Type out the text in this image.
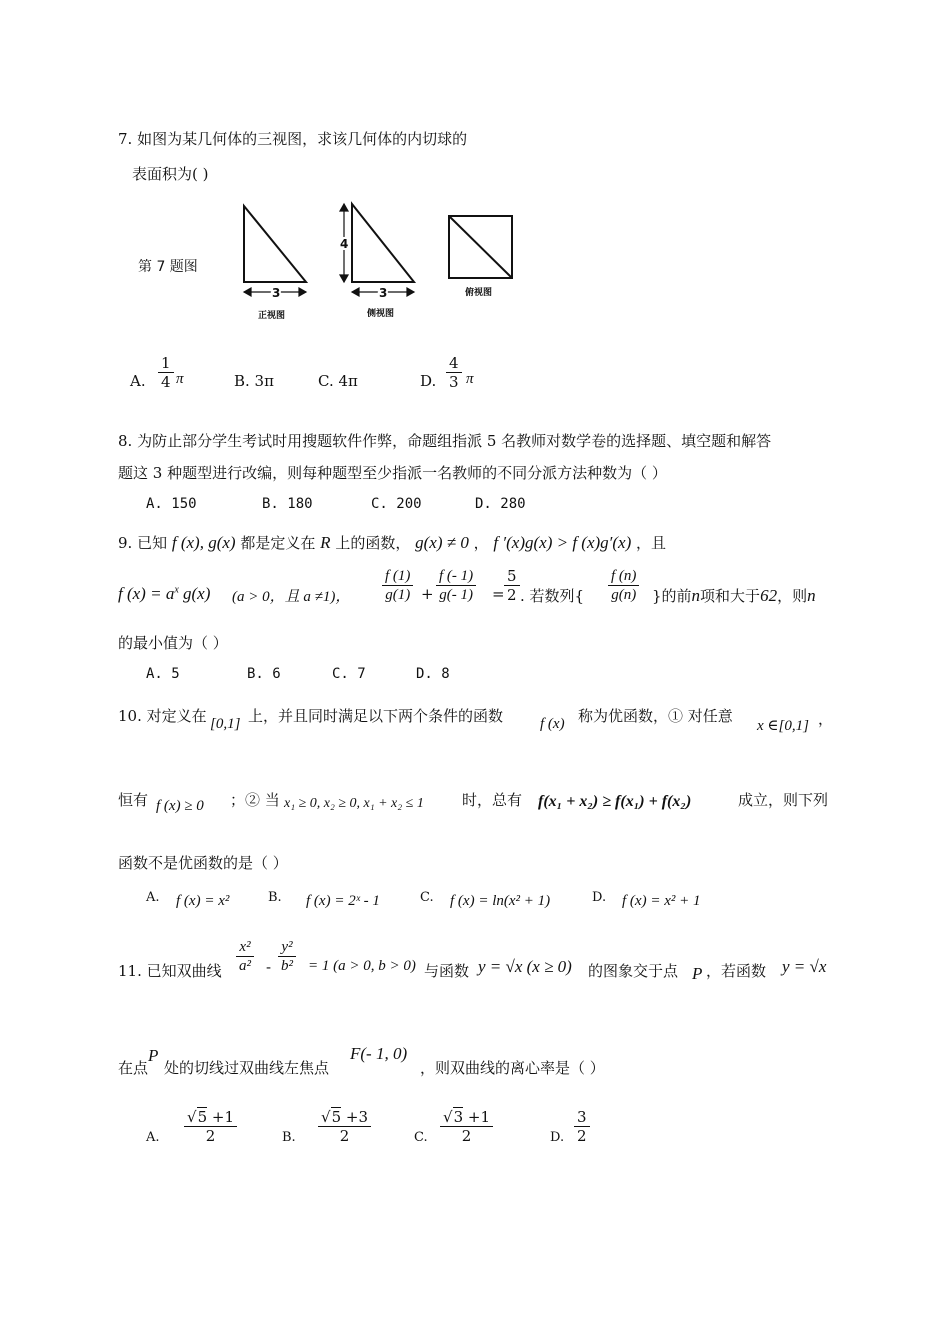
7. 如图为某几何体的三视图，求该几何体的内切球的
表面积为( )
第 7 题图
3
正视图
4
3
侧视图
俯视图
A. $\frac{1}{4}$ π	B. 3π	C. 4π	D. $\frac{4}{3}$ π
8. 为防止部分学生考试时用搜题软件作弊，命题组指派 5 名教师对数学卷的选择题、填空题和解答
题这 3 种题型进行改编，则每种题型至少指派一名教师的不同分派方法种数为（ ）
A. 150	B. 180	C. 200	D. 280
9. 已知 f (x), g(x) 都是定义在 R 上的函数， g(x) ≠ 0 ， f ′(x)g(x) > f (x)g′(x) ，且
f $(x) = a^x$ g(x) (a > 0，且 a ≠1)， $\frac{f (1)}{g(1)} + \frac{f (- 1)}{g(- 1)} = \frac{5}{2}$ . 若数列{ $\frac{f (n)}{g(n)}$ }的前n项和大于62，则n
的最小值为（ ）
A. 5	B. 6	C. 7	D. 8
10. 对定义在 [0,1] 上，并且同时满足以下两个条件的函数 f (x) 称为优函数，① 对任意
x ∈[0,1] ，
恒有 f (x) ≥ 0 ；② 当 x₁ ≥ 0, x₂ ≥ 0, x₁ + x₂ ≤ 1	时，总有 f(x₁ + x₂) ≥ f(x₁) + f(x₂)	成立，则下列
函数不是优函数的是（ ）
A. f (x) = x²	B. f (x) = 2ˣ - 1	C. f (x) = ln(x² + 1)	D. f (x) = x² + 1
11. 已知双曲线 $\frac{\text{x²}}{\text{a²}} - \frac{\text{y²}}{\text{b²}} = 1$ (a > 0, b > 0) 与函数 y = √x (x ≥ 0) 的图象交于点 P ，若函数 y = √x
在点
P
处的切线过双曲线左焦点
F(- 1, 0)
，则双曲线的离心率是（ ）
A. $\frac{√5 +1}{2}$	B. $\frac{√5 +3}{2}$	C. $\frac{√3 +1}{2}$	D. $\frac{3}{2}$
